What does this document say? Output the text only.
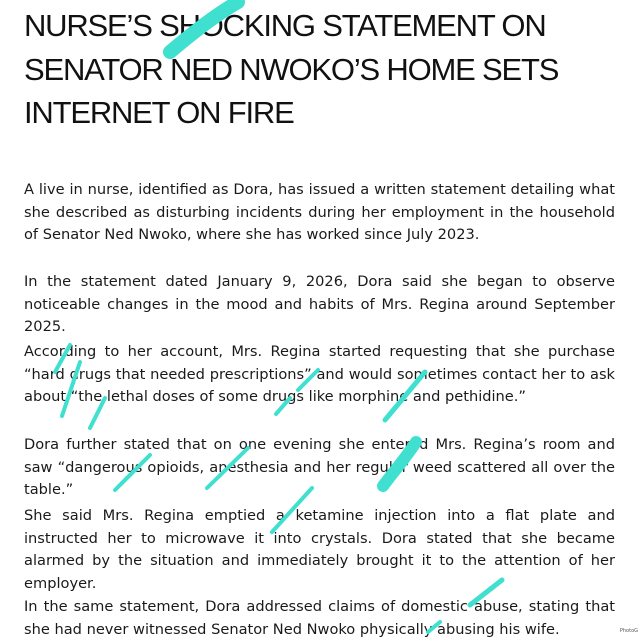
NURSE’S SHOCKING STATEMENT ON SENATOR NED NWOKO’S HOME SETS INTERNET ON FIRE

A live in nurse, identified as Dora, has issued a written statement detailing what she described as disturbing incidents during her employment in the household of Senator Ned Nwoko, where she has worked since July 2023.

In the statement dated January 9, 2026, Dora said she began to observe noticeable changes in the mood and habits of Mrs. Regina around September 2025.

According to her account, Mrs. Regina started requesting that she purchase “hard drugs that needed prescriptions” and would sometimes contact her to ask about “the lethal doses of some drugs like morphine and pethidine.”

Dora further stated that on one evening she entered Mrs. Regina’s room and saw “dangerous opioids, anesthesia and her regular weed scattered all over the table.”

She said Mrs. Regina emptied a ketamine injection into a flat plate and instructed her to microwave it into crystals. Dora stated that she became alarmed by the situation and immediately brought it to the attention of her employer.

In the same statement, Dora addressed claims of domestic abuse, stating that she had never witnessed Senator Ned Nwoko physically abusing his wife.	PhotoG
